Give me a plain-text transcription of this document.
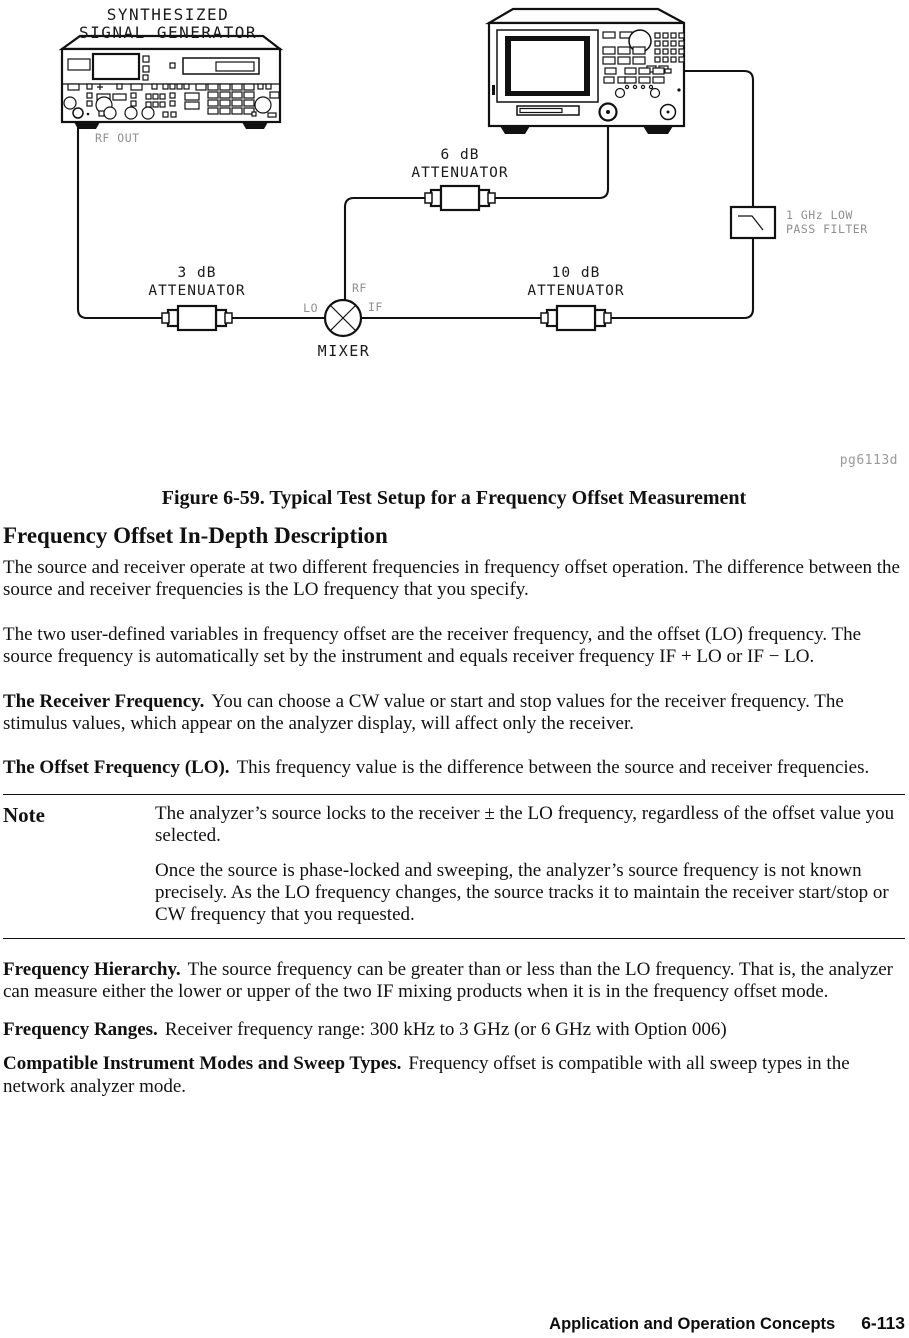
SYNTHESIZED
SIGNAL GENERATOR
RF OUT
6 dB
ATTENUATOR
3 dB
ATTENUATOR
10 dB
ATTENUATOR
LO
RF
IF
MIXER
1 GHz LOW
PASS FILTER
pg6113d
Figure 6-59. Typical Test Setup for a Frequency Offset Measurement
Frequency Offset In-Depth Description

The source and receiver operate at two different frequencies in frequency offset operation. The difference between the source and receiver frequencies is the LO frequency that you specify.

The two user-defined variables in frequency offset are the receiver frequency, and the offset (LO) frequency. The source frequency is automatically set by the instrument and equals receiver frequency IF + LO or IF − LO.

The Receiver Frequency. You can choose a CW value or start and stop values for the receiver frequency. The stimulus values, which appear on the analyzer display, will affect only the receiver.

The Offset Frequency (LO). This frequency value is the difference between the source and receiver frequencies.

Note	The analyzer’s source locks to the receiver ± the LO frequency, regardless of the offset value you selected.

Once the source is phase-locked and sweeping, the analyzer’s source frequency is not known precisely. As the LO frequency changes, the source tracks it to maintain the receiver start/stop or CW frequency that you requested.

Frequency Hierarchy. The source frequency can be greater than or less than the LO frequency. That is, the analyzer can measure either the lower or upper of the two IF mixing products when it is in the frequency offset mode.

Frequency Ranges. Receiver frequency range: 300 kHz to 3 GHz (or 6 GHz with Option 006)

Compatible Instrument Modes and Sweep Types. Frequency offset is compatible with all sweep types in the network analyzer mode.

Application and Operation Concepts 6-113
